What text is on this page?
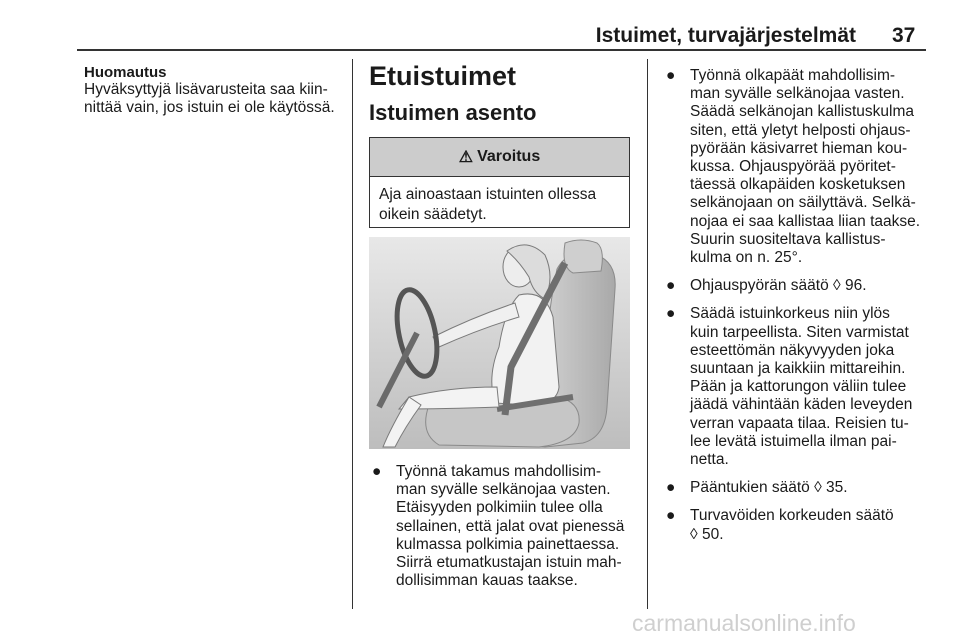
Istuimet, turvajärjestelmät 37
Huomautus
Hyväksyttyjä lisävarusteita saa kiin-
nittää vain, jos istuin ei ole käytössä.
Etuistuimet
Istuimen asento
⚠ Varoitus
Aja ainoastaan istuinten ollessa
oikein säädetyt.
● Työnnä takamus mahdollisim-
man syvälle selkänojaa vasten.
Etäisyyden polkimiin tulee olla
sellainen, että jalat ovat pienessä
kulmassa polkimia painettaessa.
Siirrä etumatkustajan istuin mah-
dollisimman kauas taakse.
● Työnnä olkapäät mahdollisim-
man syvälle selkänojaa vasten.
Säädä selkänojan kallistuskulma
siten, että yletyt helposti ohjaus-
pyörään käsivarret hieman kou-
kussa. Ohjauspyörää pyöritet-
täessä olkapäiden kosketuksen
selkänojaan on säilyttävä. Selkä-
nojaa ei saa kallistaa liian taakse.
Suurin suositeltava kallistus-
kulma on n. 25°.
● Ohjauspyörän säätö ◊ 96.
● Säädä istuinkorkeus niin ylös
kuin tarpeellista. Siten varmistat
esteettömän näkyvyyden joka
suuntaan ja kaikkiin mittareihin.
Pään ja kattorungon väliin tulee
jäädä vähintään käden leveyden
verran vapaata tilaa. Reisien tu-
lee levätä istuimella ilman pai-
netta.
● Pääntukien säätö ◊ 35.
● Turvavöiden korkeuden säätö
◊ 50.
carmanualsonline.info
